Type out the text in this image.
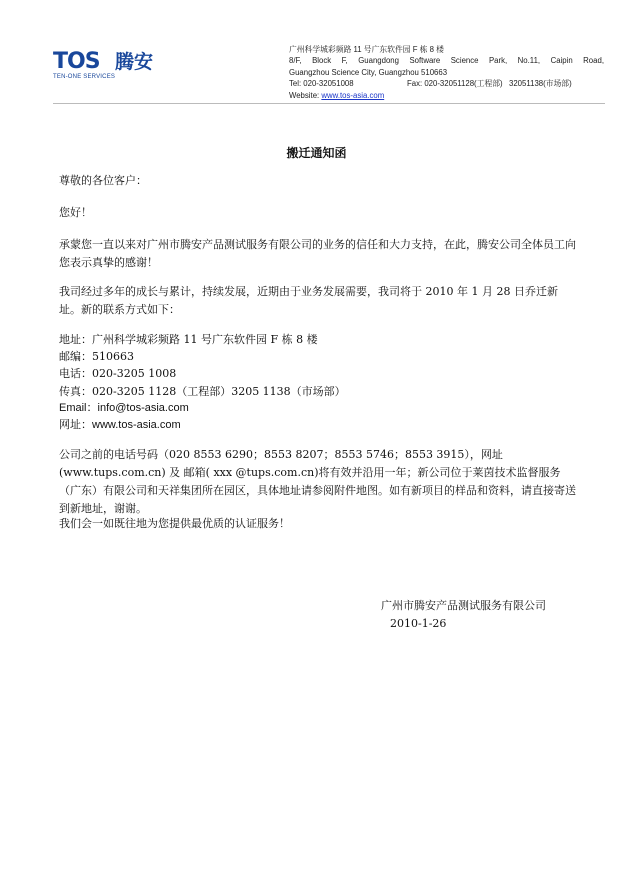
TOS 腾安
TEN-ONE SERVICES
广州科学城彩频路 11 号广东软件园 F 栋 8 楼
8/F, Block F, Guangdong Software Science Park, No.11, Caipin Road,
Guangzhou Science City, Guangzhou 510663
Tel: 020-32051008	Fax: 020-32051128(工程部) 32051138(市场部)
Website: www.tos-asia.com
搬迁通知函
尊敬的各位客户：
您好！
承蒙您一直以来对广州市腾安产品测试服务有限公司的业务的信任和大力支持，在此，腾安公司全体员工向您表示真挚的感谢！
我司经过多年的成长与累计，持续发展，近期由于业务发展需要，我司将于 2010 年 1 月 28 日乔迁新址。新的联系方式如下：
地址：广州科学城彩频路 11 号广东软件园 F 栋 8 楼
邮编：510663
电话：020-3205 1008
传真：020-3205 1128（工程部）3205 1138（市场部）
Email：info@tos-asia.com
网址：www.tos-asia.com
公司之前的电话号码（020 8553 6290；8553 8207；8553 5746；8553 3915），网址(www.tups.com.cn) 及 邮箱( xxx @tups.com.cn)将有效并沿用一年；新公司位于莱茵技术监督服务（广东）有限公司和天祥集团所在园区，具体地址请参阅附件地图。如有新项目的样品和资料，请直接寄送到新地址，谢谢。
我们会一如既往地为您提供最优质的认证服务！
广州市腾安产品测试服务有限公司
2010-1-26
